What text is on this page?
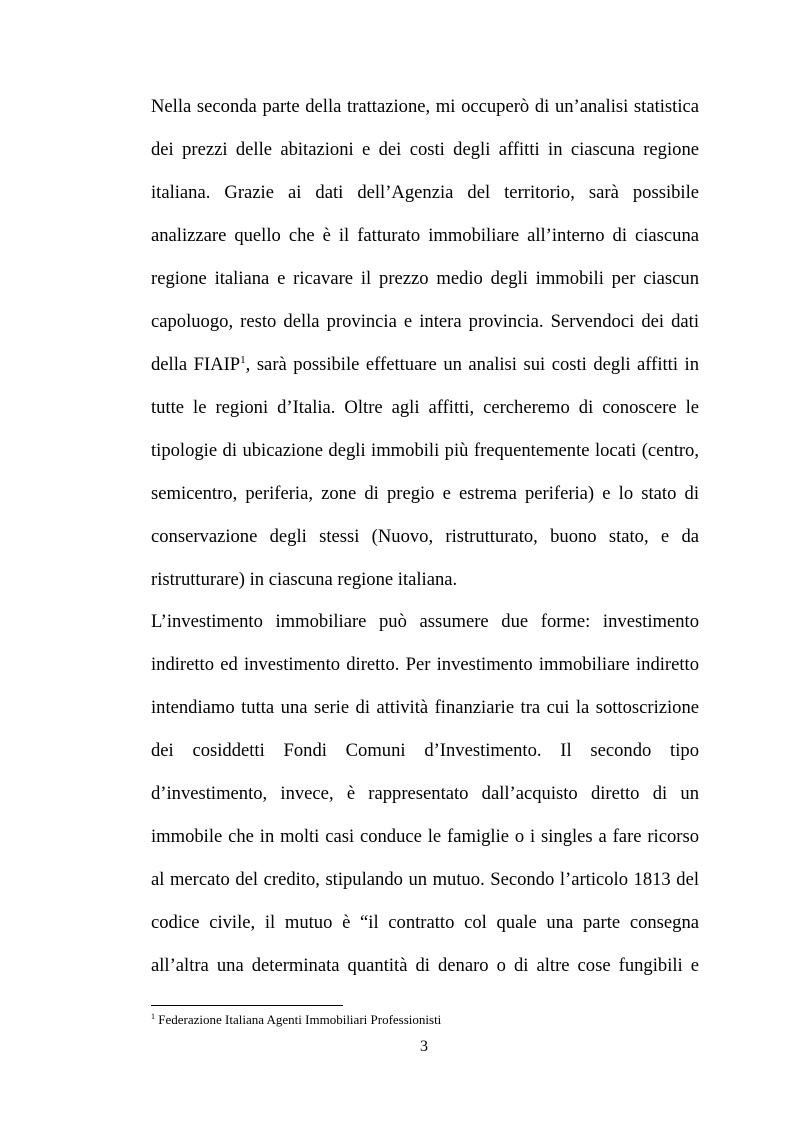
Nella seconda parte della trattazione, mi occuperò di un’analisi statistica
dei prezzi delle abitazioni e dei costi degli affitti in ciascuna regione
italiana. Grazie ai dati dell’Agenzia del territorio, sarà possibile
analizzare quello che è il fatturato immobiliare all’interno di ciascuna
regione italiana e ricavare il prezzo medio degli immobili per ciascun
capoluogo, resto della provincia e intera provincia. Servendoci dei dati
della FIAIP$^1$, sarà possibile effettuare un analisi sui costi degli affitti in
tutte le regioni d’Italia. Oltre agli affitti, cercheremo di conoscere le
tipologie di ubicazione degli immobili più frequentemente locati (centro,
semicentro, periferia, zone di pregio e estrema periferia) e lo stato di
conservazione degli stessi (Nuovo, ristrutturato, buono stato, e da
ristrutturare) in ciascuna regione italiana.
L’investimento immobiliare può assumere due forme: investimento
indiretto ed investimento diretto. Per investimento immobiliare indiretto
intendiamo tutta una serie di attività finanziarie tra cui la sottoscrizione
dei cosiddetti Fondi Comuni d’Investimento. Il secondo tipo
d’investimento, invece, è rappresentato dall’acquisto diretto di un
immobile che in molti casi conduce le famiglie o i singles a fare ricorso
al mercato del credito, stipulando un mutuo. Secondo l’articolo 1813 del
codice civile, il mutuo è “il contratto col quale una parte consegna
all’altra una determinata quantità di denaro o di altre cose fungibili e
$^1$ Federazione Italiana Agenti Immobiliari Professionisti
3
